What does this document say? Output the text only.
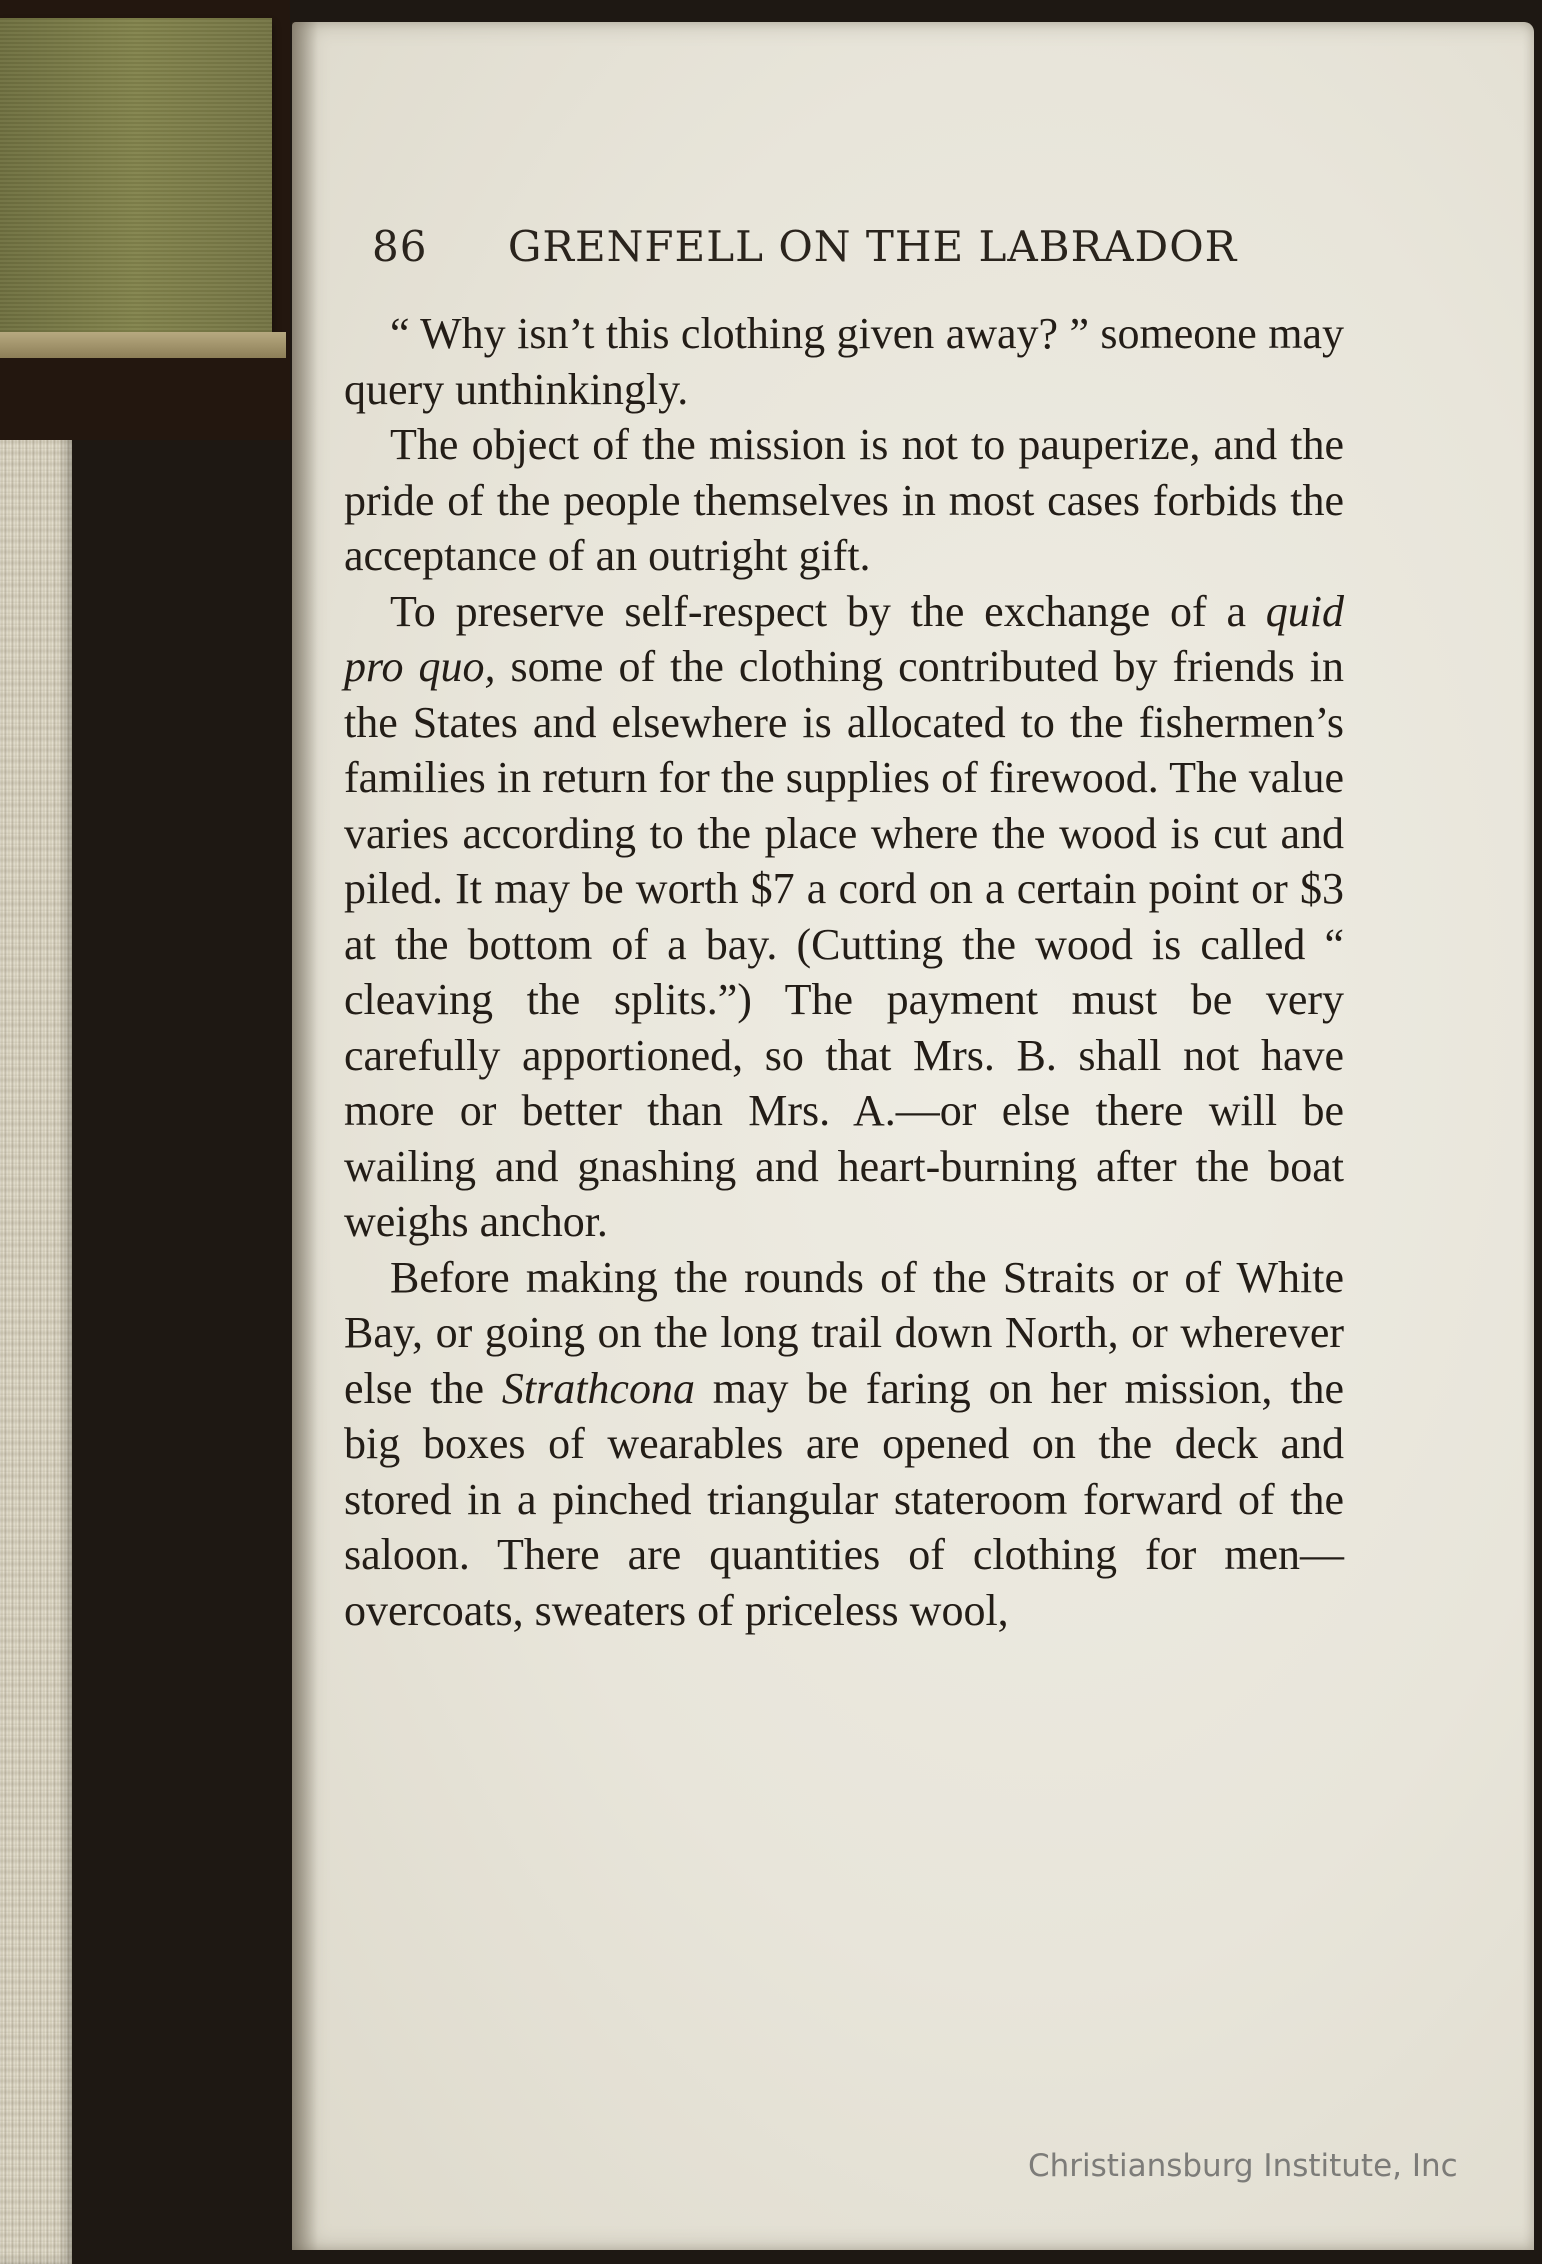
86 GRENFELL ON THE LABRADOR

“ Why isn’t this clothing given away? ” someone may query unthinkingly.

The object of the mission is not to pauperize, and the pride of the people themselves in most cases forbids the acceptance of an outright gift.

To preserve self-respect by the exchange of a quid pro quo, some of the clothing contributed by friends in the States and elsewhere is allocated to the fishermen’s families in return for the supplies of firewood. The value varies according to the place where the wood is cut and piled. It may be worth $7 a cord on a certain point or $3 at the bottom of a bay. (Cutting the wood is called “ cleaving the splits.”) The payment must be very carefully apportioned, so that Mrs. B. shall not have more or better than Mrs. A.—or else there will be wailing and gnashing and heart-burning after the boat weighs anchor.

Before making the rounds of the Straits or of White Bay, or going on the long trail down North, or wherever else the Strathcona may be faring on her mission, the big boxes of wearables are opened on the deck and stored in a pinched triangular stateroom forward of the saloon. There are quantities of clothing for men—overcoats, sweaters of priceless wool,

Christiansburg Institute, Inc
